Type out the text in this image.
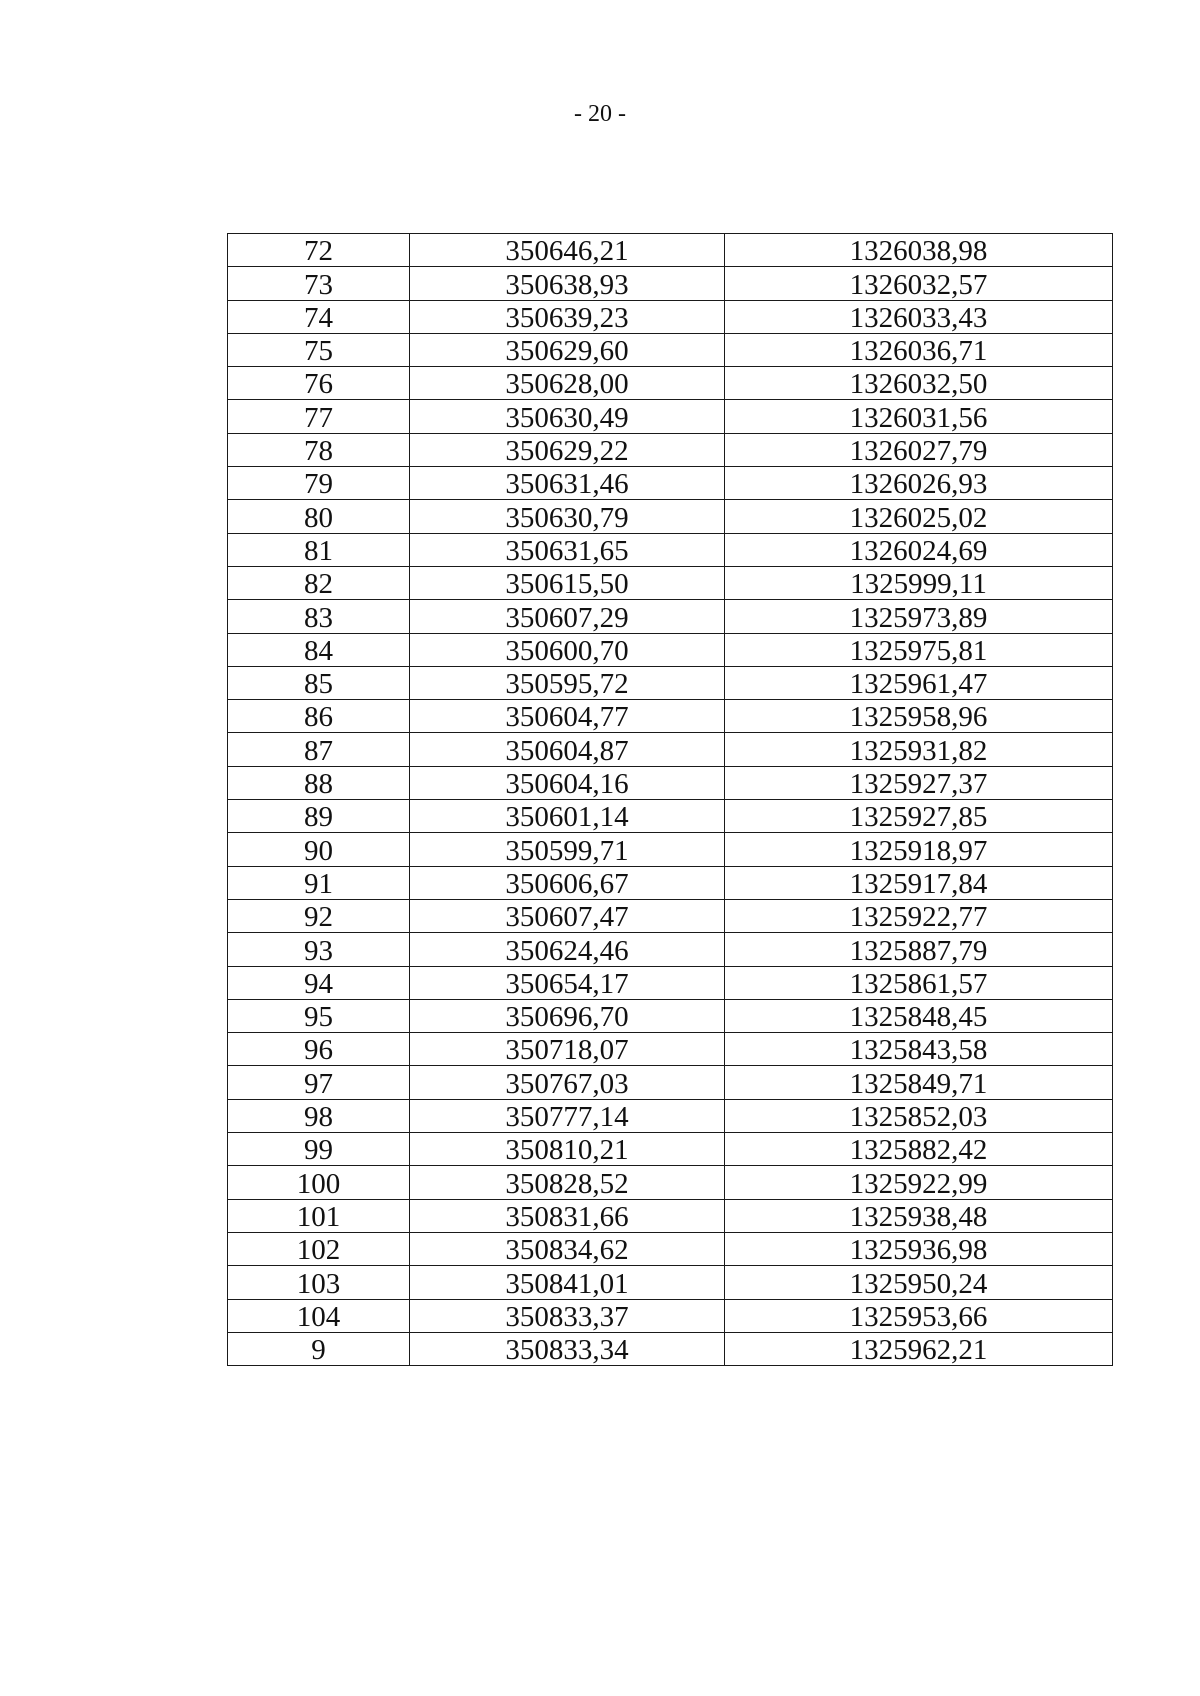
- 20 -
72	350646,21	1326038,98
73	350638,93	1326032,57
74	350639,23	1326033,43
75	350629,60	1326036,71
76	350628,00	1326032,50
77	350630,49	1326031,56
78	350629,22	1326027,79
79	350631,46	1326026,93
80	350630,79	1326025,02
81	350631,65	1326024,69
82	350615,50	1325999,11
83	350607,29	1325973,89
84	350600,70	1325975,81
85	350595,72	1325961,47
86	350604,77	1325958,96
87	350604,87	1325931,82
88	350604,16	1325927,37
89	350601,14	1325927,85
90	350599,71	1325918,97
91	350606,67	1325917,84
92	350607,47	1325922,77
93	350624,46	1325887,79
94	350654,17	1325861,57
95	350696,70	1325848,45
96	350718,07	1325843,58
97	350767,03	1325849,71
98	350777,14	1325852,03
99	350810,21	1325882,42
100	350828,52	1325922,99
101	350831,66	1325938,48
102	350834,62	1325936,98
103	350841,01	1325950,24
104	350833,37	1325953,66
9	350833,34	1325962,21
